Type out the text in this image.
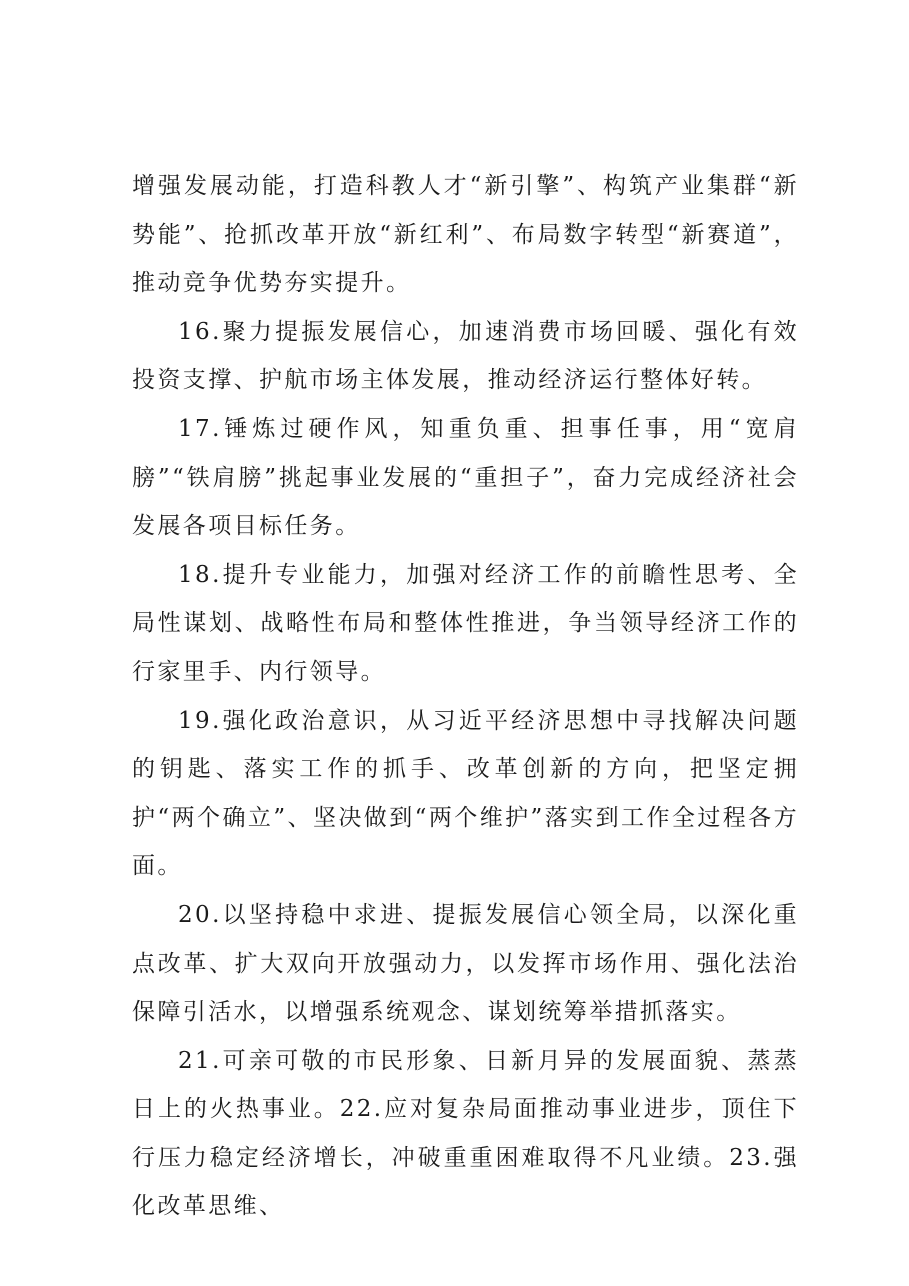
增强发展动能，打造科教人才“新引擎”、构筑产业集群“新势能”、抢抓改革开放“新红利”、布局数字转型“新赛道”，推动竞争优势夯实提升。

16.聚力提振发展信心，加速消费市场回暖、强化有效投资支撑、护航市场主体发展，推动经济运行整体好转。

17.锤炼过硬作风，知重负重、担事任事，用“宽肩膀”“铁肩膀”挑起事业发展的“重担子”，奋力完成经济社会发展各项目标任务。

18.提升专业能力，加强对经济工作的前瞻性思考、全局性谋划、战略性布局和整体性推进，争当领导经济工作的行家里手、内行领导。

19.强化政治意识，从习近平经济思想中寻找解决问题的钥匙、落实工作的抓手、改革创新的方向，把坚定拥护“两个确立”、坚决做到“两个维护”落实到工作全过程各方面。

20.以坚持稳中求进、提振发展信心领全局，以深化重点改革、扩大双向开放强动力，以发挥市场作用、强化法治保障引活水，以增强系统观念、谋划统筹举措抓落实。

21.可亲可敬的市民形象、日新月异的发展面貌、蒸蒸日上的火热事业。22.应对复杂局面推动事业进步，顶住下行压力稳定经济增长，冲破重重困难取得不凡业绩。23.强化改革思维、
